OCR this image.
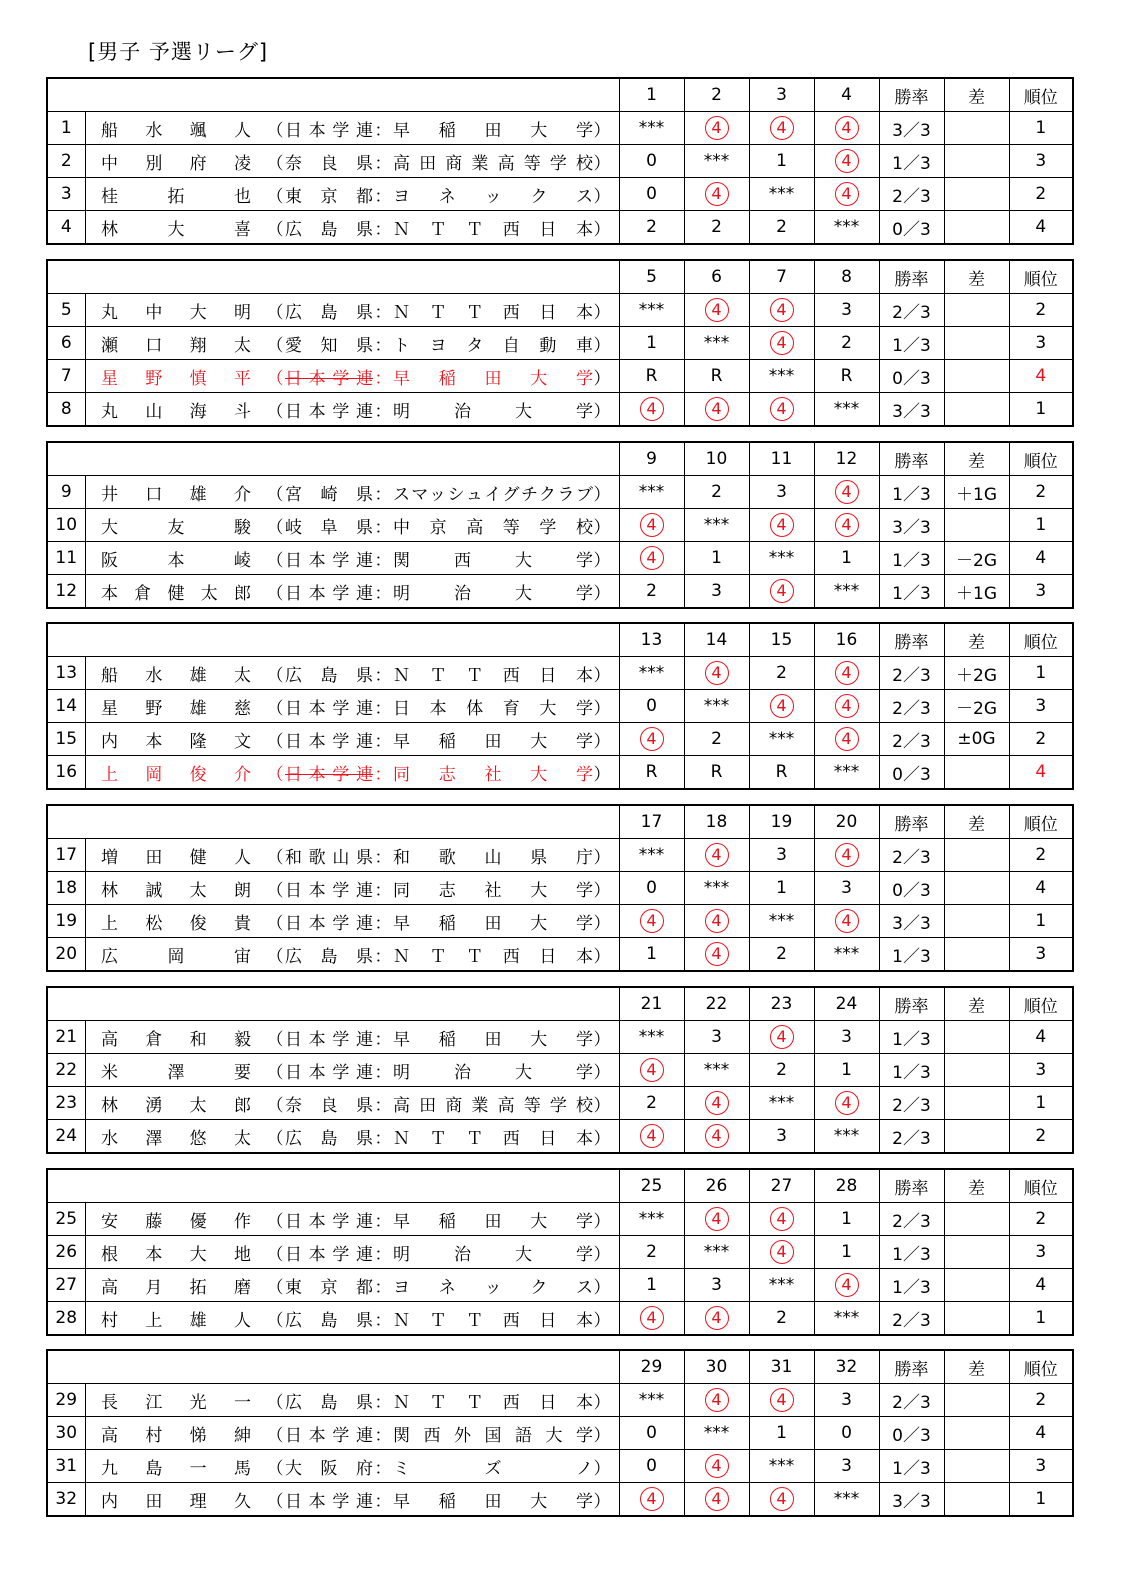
[男子 予選リーグ]
		1	2	3	4	勝率	差	順位
1	船水颯人 （日本学連：早稲田大学）	***	4	4	4	3／3		1
2	中別府凌 （奈良県：高田商業高等学校）	0	***	1	4	1／3		3
3	桂拓也 （東京都：ヨネックス）	0	4	***	4	2／3		2
4	林大喜 （広島県：ＮＴＴ西日本）	2	2	2	***	0／3		4
		5	6	7	8	勝率	差	順位
5	丸中大明 （広島県：ＮＴＴ西日本）	***	4	4	3	2／3		2
6	瀬口翔太 （愛知県：トヨタ自動車）	1	***	4	2	1／3		3
7	星野慎平 （日本学連：早稲田大学）	R	R	***	R	0／3		4
8	丸山海斗 （日本学連：明治大学）	4	4	4	***	3／3		1
		9	10	11	12	勝率	差	順位
9	井口雄介 （宮崎県：スマッシュイグチクラブ）	***	2	3	4	1／3	＋1G	2
10	大友駿 （岐阜県：中京高等学校）	4	***	4	4	3／3		1
11	阪本崚 （日本学連：関西大学）	4	1	***	1	1／3	－2G	4
12	本倉健太郎 （日本学連：明治大学）	2	3	4	***	1／3	＋1G	3
		13	14	15	16	勝率	差	順位
13	船水雄太 （広島県：ＮＴＴ西日本）	***	4	2	4	2／3	＋2G	1
14	星野雄慈 （日本学連：日本体育大学）	0	***	4	4	2／3	－2G	3
15	内本隆文 （日本学連：早稲田大学）	4	2	***	4	2／3	±0G	2
16	上岡俊介 （日本学連：同志社大学）	R	R	R	***	0／3		4
		17	18	19	20	勝率	差	順位
17	増田健人 （和歌山県：和歌山県庁）	***	4	3	4	2／3		2
18	林誠太朗 （日本学連：同志社大学）	0	***	1	3	0／3		4
19	上松俊貴 （日本学連：早稲田大学）	4	4	***	4	3／3		1
20	広岡宙 （広島県：ＮＴＴ西日本）	1	4	2	***	1／3		3
		21	22	23	24	勝率	差	順位
21	高倉和毅 （日本学連：早稲田大学）	***	3	4	3	1／3		4
22	米澤要 （日本学連：明治大学）	4	***	2	1	1／3		3
23	林湧太郎 （奈良県：高田商業高等学校）	2	4	***	4	2／3		1
24	水澤悠太 （広島県：ＮＴＴ西日本）	4	4	3	***	2／3		2
		25	26	27	28	勝率	差	順位
25	安藤優作 （日本学連：早稲田大学）	***	4	4	1	2／3		2
26	根本大地 （日本学連：明治大学）	2	***	4	1	1／3		3
27	高月拓磨 （東京都：ヨネックス）	1	3	***	4	1／3		4
28	村上雄人 （広島県：ＮＴＴ西日本）	4	4	2	***	2／3		1
		29	30	31	32	勝率	差	順位
29	長江光一 （広島県：ＮＴＴ西日本）	***	4	4	3	2／3		2
30	高村悌紳 （日本学連：関西外国語大学）	0	***	1	0	0／3		4
31	九島一馬 （大阪府：ミズノ）	0	4	***	3	1／3		3
32	内田理久 （日本学連：早稲田大学）	4	4	4	***	3／3		1
